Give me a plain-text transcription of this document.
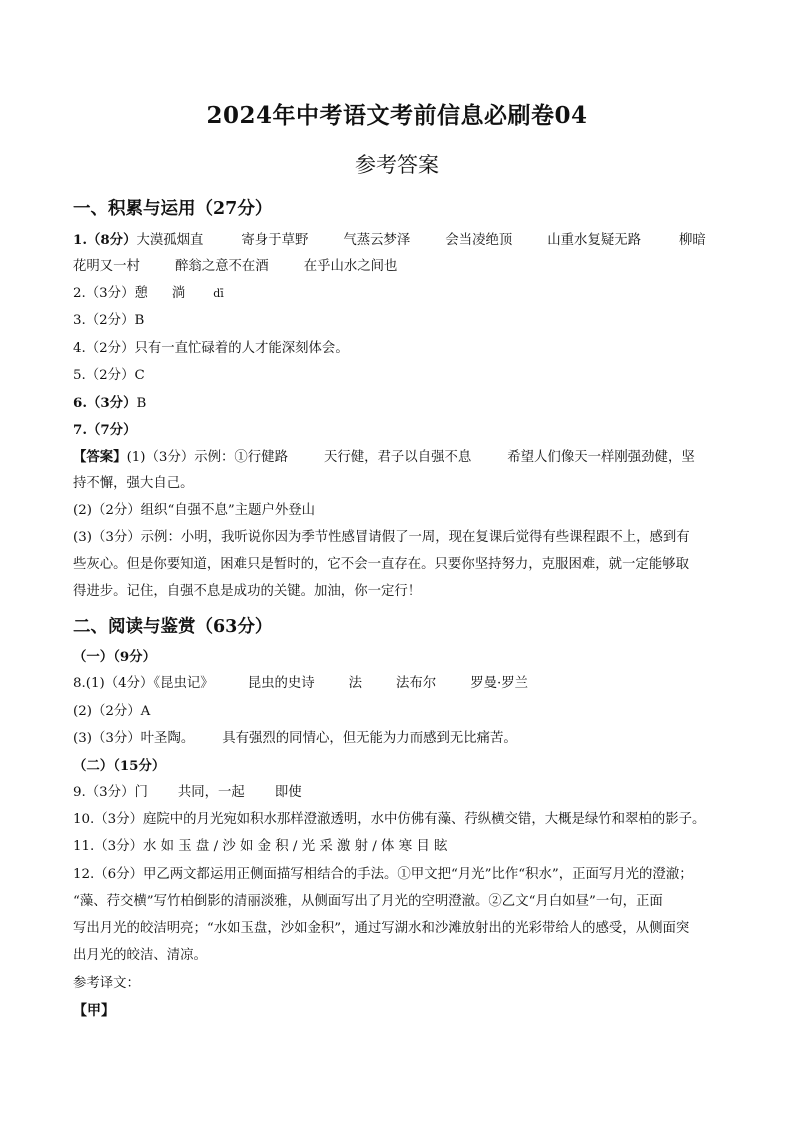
2024年中考语文考前信息必刷卷04
参考答案
一、积累与运用（27分）
1.（8分）大漠孤烟直	寄身于草野	气蒸云梦泽	会当凌绝顶	山重水复疑无路	柳暗
花明又一村	醉翁之意不在酒	在乎山水之间也
2.（3分）憩 淌	dī
3.（2分）B
4.（2分）只有一直忙碌着的人才能深刻体会。
5.（2分）C
6.（3分）B
7.（7分）
【答案】(1)（3分）示例：①行健路	天行健，君子以自强不息	希望人们像天一样刚强劲健，坚
持不懈，强大自己。
(2)（2分）组织“自强不息”主题户外登山
(3)（3分）示例：小明，我听说你因为季节性感冒请假了一周，现在复课后觉得有些课程跟不上，感到有
些灰心。但是你要知道，困难只是暂时的，它不会一直存在。只要你坚持努力，克服困难，就一定能够取
得进步。记住，自强不息是成功的关键。加油，你一定行！
二、阅读与鉴赏（63分）
（一）（9分）
8.(1)（4分）《昆虫记》	昆虫的史诗	法	法布尔	罗曼·罗兰
(2)（2分）A
(3)（3分）叶圣陶。 具有强烈的同情心，但无能为力而感到无比痛苦。
（二）（15分）
9.（3分）门 共同，一起 即使
10.（3分）庭院中的月光宛如积水那样澄澈透明，水中仿佛有藻、荇纵横交错，大概是绿竹和翠柏的影子。
11.（3分）水 如 玉 盘 / 沙 如 金 积 / 光 采 激 射 / 体 寒 目 眩
12.（6分）甲乙两文都运用正侧面描写相结合的手法。①甲文把“月光”比作“积水”，正面写月光的澄澈；
“藻、荇交横”写竹柏倒影的清丽淡雅，从侧面写出了月光的空明澄澈。②乙文“月白如昼”一句，正面
写出月光的皎洁明亮；“水如玉盘，沙如金积”，通过写湖水和沙滩放射出的光彩带给人的感受，从侧面突
出月光的皎洁、清凉。
参考译文：
【甲】
